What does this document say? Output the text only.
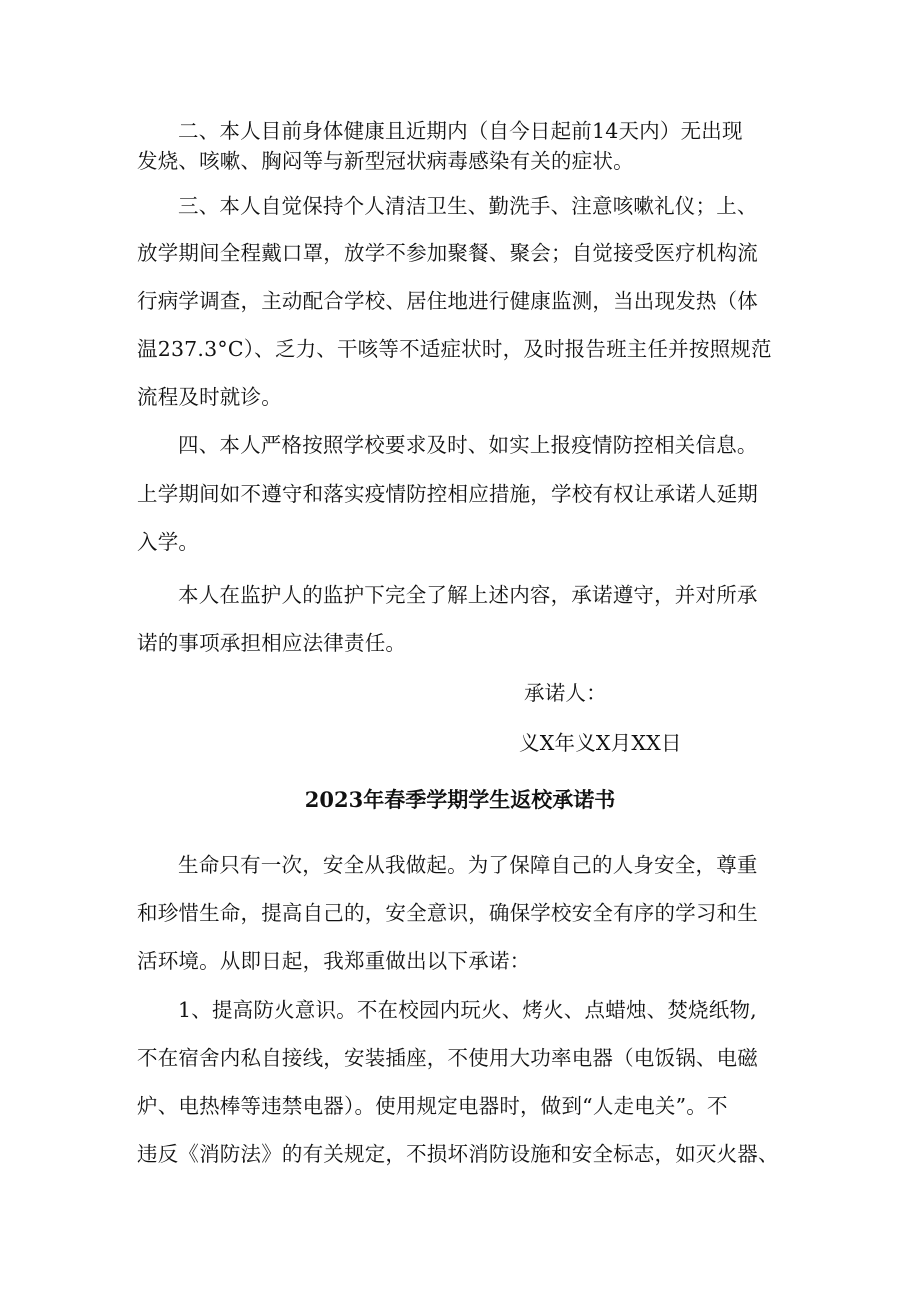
二、本人目前身体健康且近期内（自今日起前14天内）无出现
发烧、咳嗽、胸闷等与新型冠状病毒感染有关的症状。
三、本人自觉保持个人清洁卫生、勤洗手、注意咳嗽礼仪；上、
放学期间全程戴口罩，放学不参加聚餐、聚会；自觉接受医疗机构流
行病学调查，主动配合学校、居住地进行健康监测，当出现发热（体
温237.3°C）、乏力、干咳等不适症状时，及时报告班主任并按照规范
流程及时就诊。
四、本人严格按照学校要求及时、如实上报疫情防控相关信息。
上学期间如不遵守和落实疫情防控相应措施，学校有权让承诺人延期
入学。
本人在监护人的监护下完全了解上述内容，承诺遵守，并对所承
诺的事项承担相应法律责任。
承诺人：
义X年义X月XX日
2023年春季学期学生返校承诺书
生命只有一次，安全从我做起。为了保障自己的人身安全，尊重
和珍惜生命，提高自己的，安全意识，确保学校安全有序的学习和生
活环境。从即日起，我郑重做出以下承诺：
1、提高防火意识。不在校园内玩火、烤火、点蜡烛、焚烧纸物,
不在宿舍内私自接线，安装插座，不使用大功率电器（电饭锅、电磁
炉、电热棒等违禁电器）。使用规定电器时，做到“人走电关”。不
违反《消防法》的有关规定，不损坏消防设施和安全标志，如灭火器、
